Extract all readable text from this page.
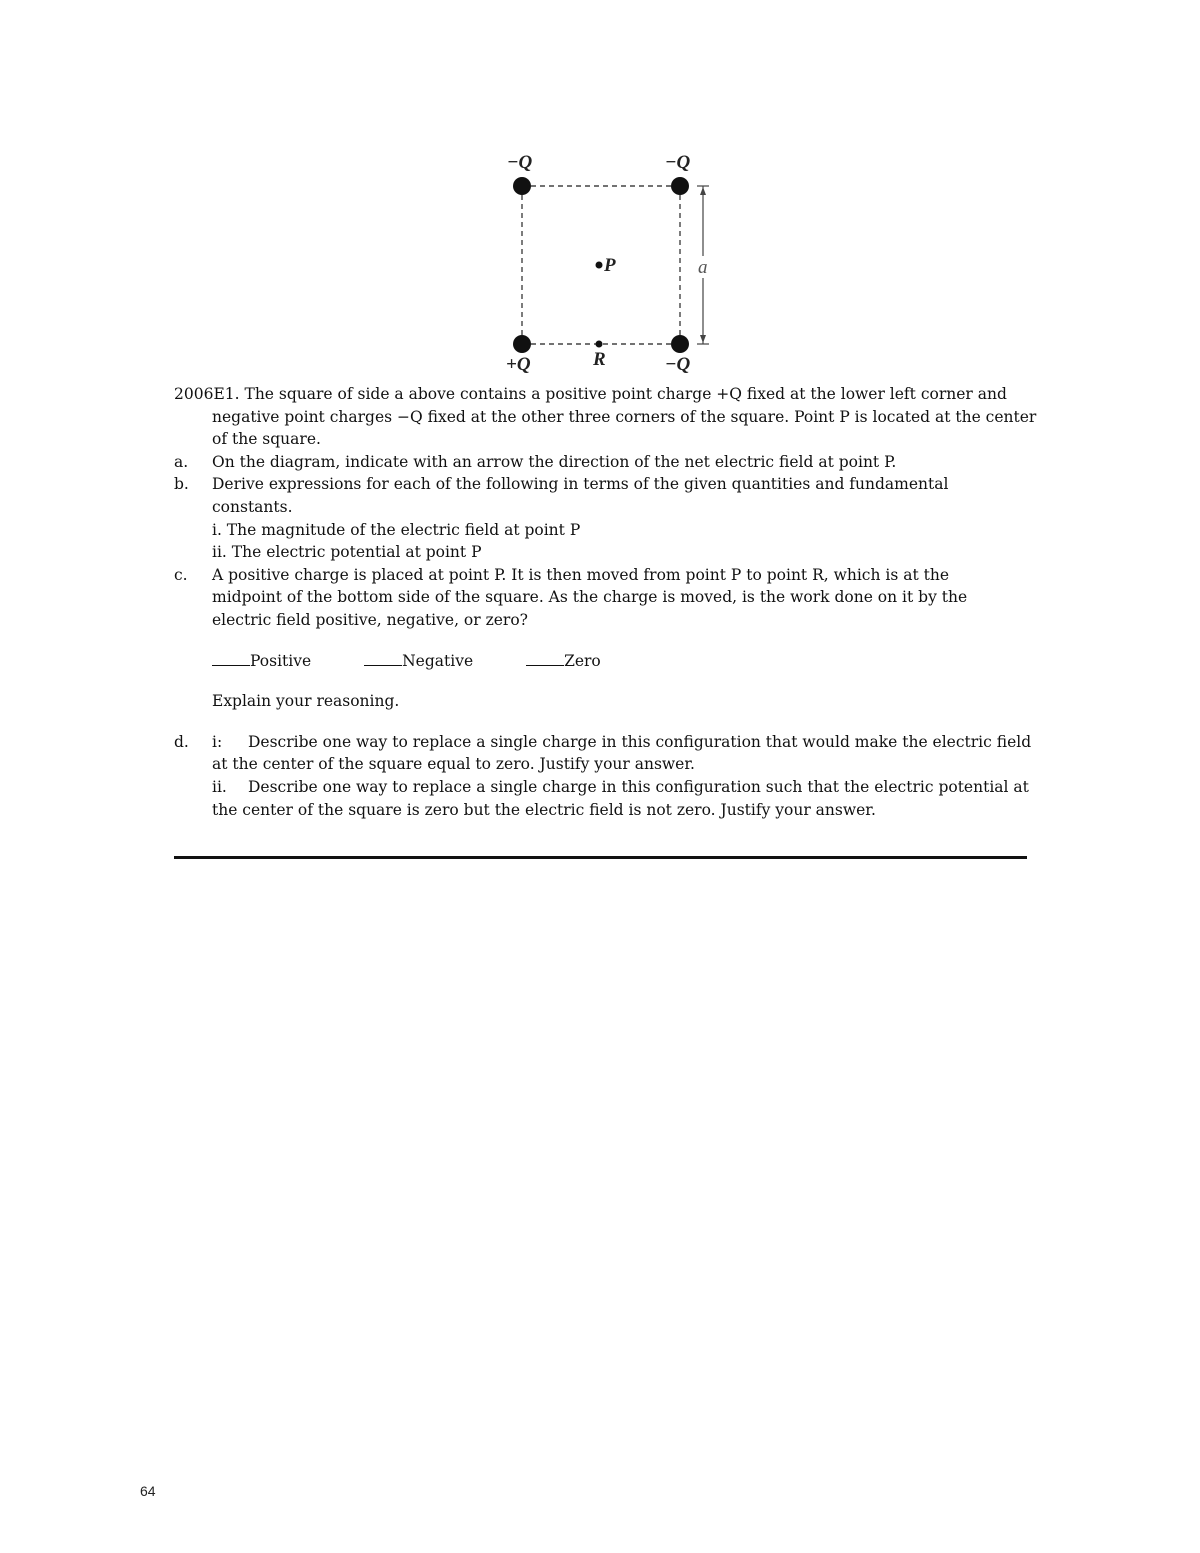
a
−Q	−Q
+Q	−Q
P
R
2006E1. The square of side a above contains a positive point charge +Q fixed at the lower left corner and
negative point charges −Q fixed at the other three corners of the square. Point P is located at the center
of the square.
a. On the diagram, indicate with an arrow the direction of the net electric field at point P.
b. Derive expressions for each of the following in terms of the given quantities and fundamental
constants.
i. The magnitude of the electric field at point P
ii. The electric potential at point P
c. A positive charge is placed at point P. It is then moved from point P to point R, which is at the
midpoint of the bottom side of the square. As the charge is moved, is the work done on it by the
electric field positive, negative, or zero?
Positive	Negative	Zero
Explain your reasoning.
d. i: Describe one way to replace a single charge in this configuration that would make the electric field
at the center of the square equal to zero. Justify your answer.
ii. Describe one way to replace a single charge in this configuration such that the electric potential at
the center of the square is zero but the electric field is not zero. Justify your answer.
64
